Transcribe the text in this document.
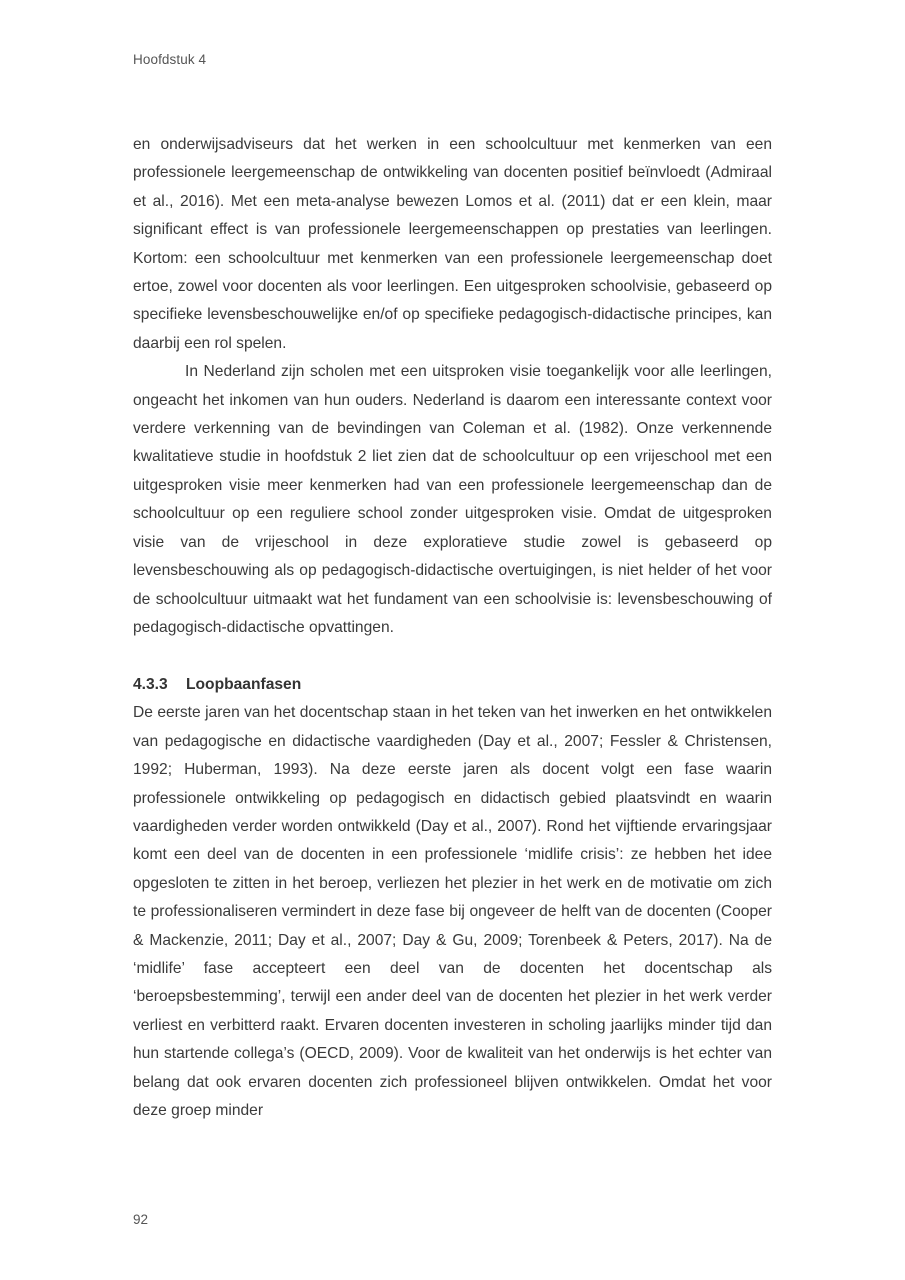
Hoofdstuk 4

en onderwijsadviseurs dat het werken in een schoolcultuur met kenmerken van een professionele leergemeenschap de ontwikkeling van docenten positief beïnvloedt (Admiraal et al., 2016). Met een meta-analyse bewezen Lomos et al. (2011) dat er een klein, maar significant effect is van professionele leergemeenschappen op prestaties van leerlingen. Kortom: een schoolcultuur met kenmerken van een professionele leergemeenschap doet ertoe, zowel voor docenten als voor leerlingen. Een uitgesproken schoolvisie, gebaseerd op specifieke levensbeschouwelijke en/of op specifieke pedagogisch-didactische principes, kan daarbij een rol spelen.

In Nederland zijn scholen met een uitsproken visie toegankelijk voor alle leerlingen, ongeacht het inkomen van hun ouders. Nederland is daarom een interessante context voor verdere verkenning van de bevindingen van Coleman et al. (1982). Onze verkennende kwalitatieve studie in hoofdstuk 2 liet zien dat de schoolcultuur op een vrijeschool met een uitgesproken visie meer kenmerken had van een professionele leergemeenschap dan de schoolcultuur op een reguliere school zonder uitgesproken visie. Omdat de uitgesproken visie van de vrijeschool in deze exploratieve studie zowel is gebaseerd op levensbeschouwing als op pedagogisch-didactische overtuigingen, is niet helder of het voor de schoolcultuur uitmaakt wat het fundament van een schoolvisie is: levensbeschouwing of pedagogisch-didactische opvattingen.

4.3.3 Loopbaanfasen

De eerste jaren van het docentschap staan in het teken van het inwerken en het ontwikkelen van pedagogische en didactische vaardigheden (Day et al., 2007; Fessler & Christensen, 1992; Huberman, 1993). Na deze eerste jaren als docent volgt een fase waarin professionele ontwikkeling op pedagogisch en didactisch gebied plaatsvindt en waarin vaardigheden verder worden ontwikkeld (Day et al., 2007). Rond het vijftiende ervaringsjaar komt een deel van de docenten in een professionele ‘midlife crisis’: ze hebben het idee opgesloten te zitten in het beroep, verliezen het plezier in het werk en de motivatie om zich te professionaliseren vermindert in deze fase bij ongeveer de helft van de docenten (Cooper & Mackenzie, 2011; Day et al., 2007; Day & Gu, 2009; Torenbeek & Peters, 2017). Na de ‘midlife’ fase accepteert een deel van de docenten het docentschap als ‘beroepsbestemming’, terwijl een ander deel van de docenten het plezier in het werk verder verliest en verbitterd raakt. Ervaren docenten investeren in scholing jaarlijks minder tijd dan hun startende collega’s (OECD, 2009). Voor de kwaliteit van het onderwijs is het echter van belang dat ook ervaren docenten zich professioneel blijven ontwikkelen. Omdat het voor deze groep minder

92
